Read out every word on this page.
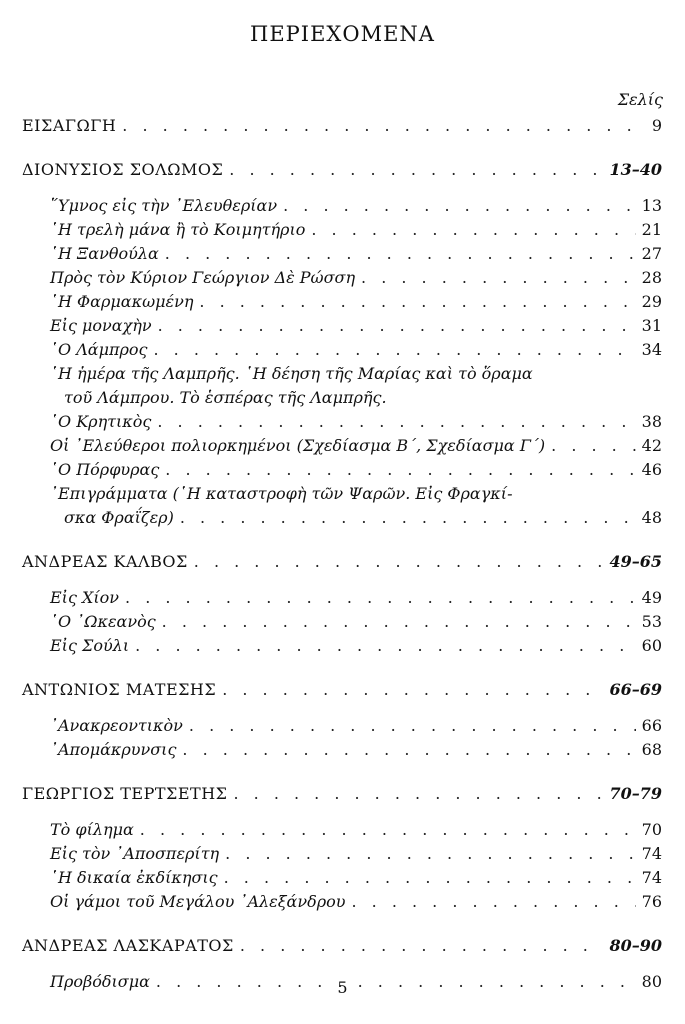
ΠΕΡΙΕΧΟΜΕΝΑ
Σελίς
ΕΙΣΑΓΩΓΗ . . .	9
ΔΙΟΝΥΣΙΟΣ ΣΟΛΩΜΟΣ . . .	13–40
῞Υμνος εἰς τὴν ᾿Ελευθερίαν . . .	13
῾Η τρελὴ μάνα ἢ τὸ Κοιμητήριο . . .	21
῾Η Ξανθούλα . . .	27
Πρὸς τὸν Κύριον Γεώργιον Δὲ Ρώσση . . .	28
῾Η Φαρμακωμένη . . .	29
Εἰς μοναχὴν . . .	31
῾Ο Λάμπρος . . .	34
῾Η ἡμέρα τῆς Λαμπρῆς. ῾Η δέηση τῆς Μαρίας καὶ τὸ ὅραμα
τοῦ Λάμπρου. Τὸ ἑσπέρας τῆς Λαμπρῆς.
῾Ο Κρητικὸς . . .	38
Οἱ ᾿Ελεύθεροι πολιορκημένοι (Σχεδίασμα Β΄, Σχεδίασμα Γ΄) . . .	42
῾Ο Πόρφυρας . . .	46
᾿Επιγράμματα (῾Η καταστροφὴ τῶν Ψαρῶν. Εἰς Φραγκί-
σκα Φραΐζερ) . . .	48
ΑΝΔΡΕΑΣ ΚΑΛΒΟΣ . . .	49–65
Εἰς Χίον . . .	49
῾Ο ᾿Ωκεανὸς . . .	53
Εἰς Σούλι . . .	60
ΑΝΤΩΝΙΟΣ ΜΑΤΕΣΗΣ . . .	66–69
᾿Ανακρεοντικὸν . . .	66
᾿Απομάκρυνσις . . .	68
ΓΕΩΡΓΙΟΣ ΤΕΡΤΣΕΤΗΣ . . .	70–79
Τὸ φίλημα . . .	70
Εἰς τὸν ᾿Αποσπερίτη . . .	74
῾Η δικαία ἐκδίκησις . . .	74
Οἱ γάμοι τοῦ Μεγάλου ᾿Αλεξάνδρου . . .	76
ΑΝΔΡΕΑΣ ΛΑΣΚΑΡΑΤΟΣ . . .	80–90
Προβόδισμα . . .	80
5
